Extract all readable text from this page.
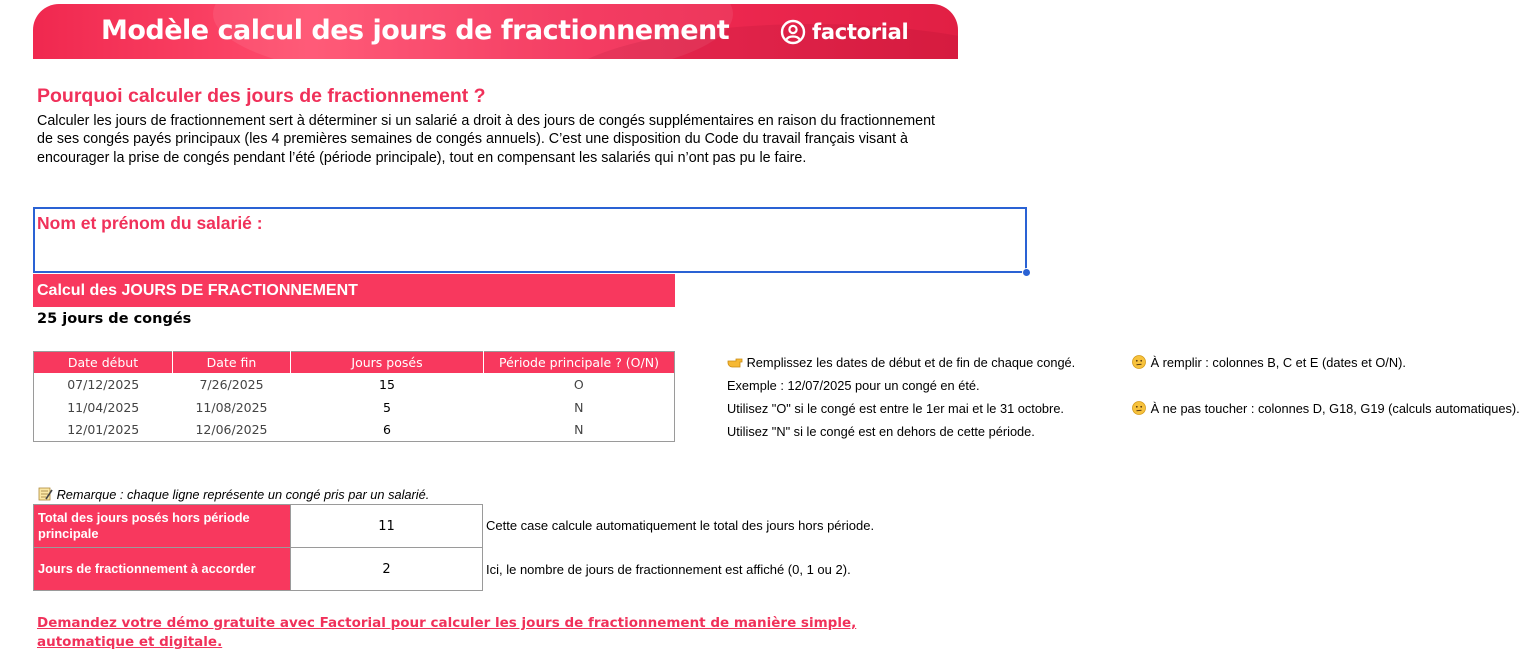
Modèle calcul des jours de fractionnement	factorial
Pourquoi calculer des jours de fractionnement ?
Calculer les jours de fractionnement sert à déterminer si un salarié a droit à des jours de congés supplémentaires en raison du fractionnement de ses congés payés principaux (les 4 premières semaines de congés annuels). C’est une disposition du Code du travail français visant à encourager la prise de congés pendant l’été (période principale), tout en compensant les salariés qui n’ont pas pu le faire.
Nom et prénom du salarié :
Calcul des JOURS DE FRACTIONNEMENT
25 jours de congés
Date début	Date fin	Jours posés	Période principale ? (O/N)
07/12/2025	7/26/2025	15	O
11/04/2025	11/08/2025	5	N
12/01/2025	12/06/2025	6	N
Remplissez les dates de début et de fin de chaque congé.
Exemple : 12/07/2025 pour un congé en été.
Utilisez "O" si le congé est entre le 1er mai et le 31 octobre.
Utilisez "N" si le congé est en dehors de cette période.
À remplir : colonnes B, C et E (dates et O/N).
À ne pas toucher : colonnes D, G18, G19 (calculs automatiques).
Remarque : chaque ligne représente un congé pris par un salarié.
Total des jours posés hors période principale	11
Jours de fractionnement à accorder	2
Cette case calcule automatiquement le total des jours hors période.
Ici, le nombre de jours de fractionnement est affiché (0, 1 ou 2).
Demandez votre démo gratuite avec Factorial pour calculer les jours de fractionnement de manière simple, automatique et digitale.
